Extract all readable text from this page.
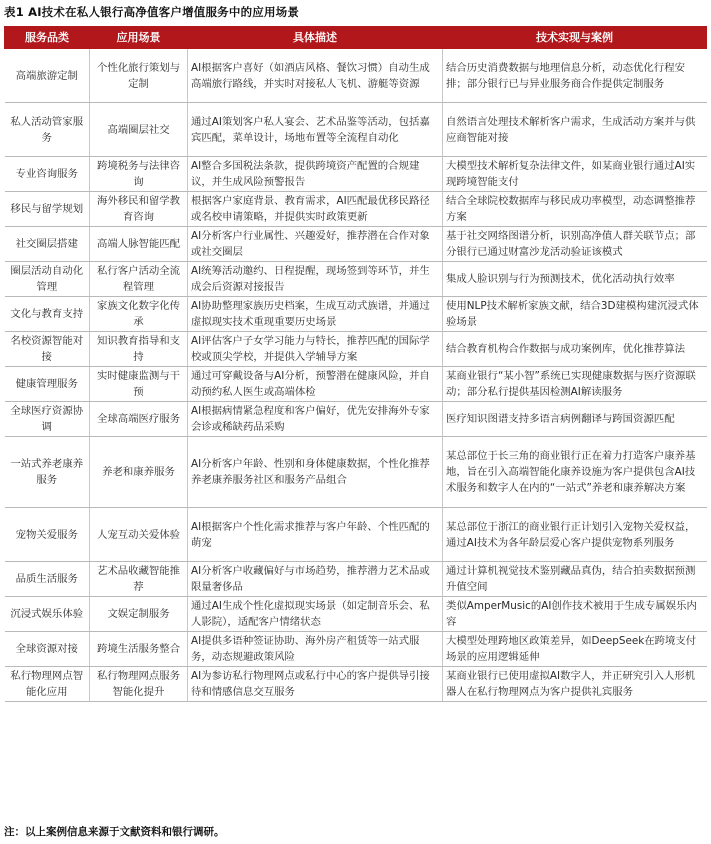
表1 AI技术在私人银行高净值客户增值服务中的应用场景
服务品类	应用场景	具体描述	技术实现与案例
高端旅游定制	个性化旅行策划与定制	AI根据客户喜好（如酒店风格、餐饮习惯）自动生成高端旅行路线，并实时对接私人飞机、游艇等资源	结合历史消费数据与地理信息分析，动态优化行程安排；部分银行已与异业服务商合作提供定制服务
私人活动管家服务	高端圈层社交	通过AI策划客户私人宴会、艺术品鉴等活动，包括嘉宾匹配，菜单设计，场地布置等全流程自动化	自然语言处理技术解析客户需求，生成活动方案并与供应商智能对接
专业咨询服务	跨境税务与法律咨询	AI整合多国税法条款，提供跨境资产配置的合规建议，并生成风险预警报告	大模型技术解析复杂法律文件，如某商业银行通过AI实现跨境智能支付
移民与留学规划	海外移民和留学教育咨询	根据客户家庭背景、教育需求，AI匹配最优移民路径或名校申请策略，并提供实时政策更新	结合全球院校数据库与移民成功率模型，动态调整推荐方案
社交圈层搭建	高端人脉智能匹配	AI分析客户行业属性、兴趣爱好，推荐潜在合作对象或社交圈层	基于社交网络图谱分析，识别高净值人群关联节点；部分银行已通过财富沙龙活动验证该模式
圈层活动自动化管理	私行客户活动全流程管理	AI统筹活动邀约、日程提醒，现场签到等环节，并生成会后资源对接报告	集成人脸识别与行为预测技术，优化活动执行效率
文化与教育支持	家族文化数字化传承	AI协助整理家族历史档案，生成互动式族谱，并通过虚拟现实技术重现重要历史场景	使用NLP技术解析家族文献，结合3D建模构建沉浸式体验场景
名校资源智能对接	知识教育指导和支持	AI评估客户子女学习能力与特长，推荐匹配的国际学校或顶尖学校，并提供入学辅导方案	结合教育机构合作数据与成功案例库，优化推荐算法
健康管理服务	实时健康监测与干预	通过可穿戴设备与AI分析，预警潜在健康风险，并自动预约私人医生或高端体检	某商业银行“某小智”系统已实现健康数据与医疗资源联动；部分私行提供基因检测AI解读服务
全球医疗资源协调	全球高端医疗服务	AI根据病情紧急程度和客户偏好，优先安排海外专家会诊或稀缺药品采购	医疗知识图谱支持多语言病例翻译与跨国资源匹配
一站式养老康养服务	养老和康养服务	AI分析客户年龄、性别和身体健康数据，个性化推荐养老康养服务社区和服务产品组合	某总部位于长三角的商业银行正在着力打造客户康养基地，旨在引入高端智能化康养设施为客户提供包含AI技术服务和数字人在内的“一站式”养老和康养解决方案
宠物关爱服务	人宠互动关爱体验	AI根据客户个性化需求推荐与客户年龄、个性匹配的萌宠	某总部位于浙江的商业银行正计划引入宠物关爱权益，通过AI技术为各年龄层爱心客户提供宠物系列服务
品质生活服务	艺术品收藏智能推荐	AI分析客户收藏偏好与市场趋势，推荐潜力艺术品或限量奢侈品	通过计算机视觉技术鉴别藏品真伪，结合拍卖数据预测升值空间
沉浸式娱乐体验	文娱定制服务	通过AI生成个性化虚拟现实场景（如定制音乐会、私人影院），适配客户情绪状态	类似AmperMusic的AI创作技术被用于生成专属娱乐内容
全球资源对接	跨境生活服务整合	AI提供多语种签证协助、海外房产租赁等一站式服务，动态规避政策风险	大模型处理跨地区政策差异，如DeepSeek在跨境支付场景的应用逻辑延伸
私行物理网点智能化应用	私行物理网点服务智能化提升	AI为参访私行物理网点或私行中心的客户提供导引接待和情感信息交互服务	某商业银行已使用虚拟AI数字人，并正研究引入人形机器人在私行物理网点为客户提供礼宾服务
注：以上案例信息来源于文献资料和银行调研。
